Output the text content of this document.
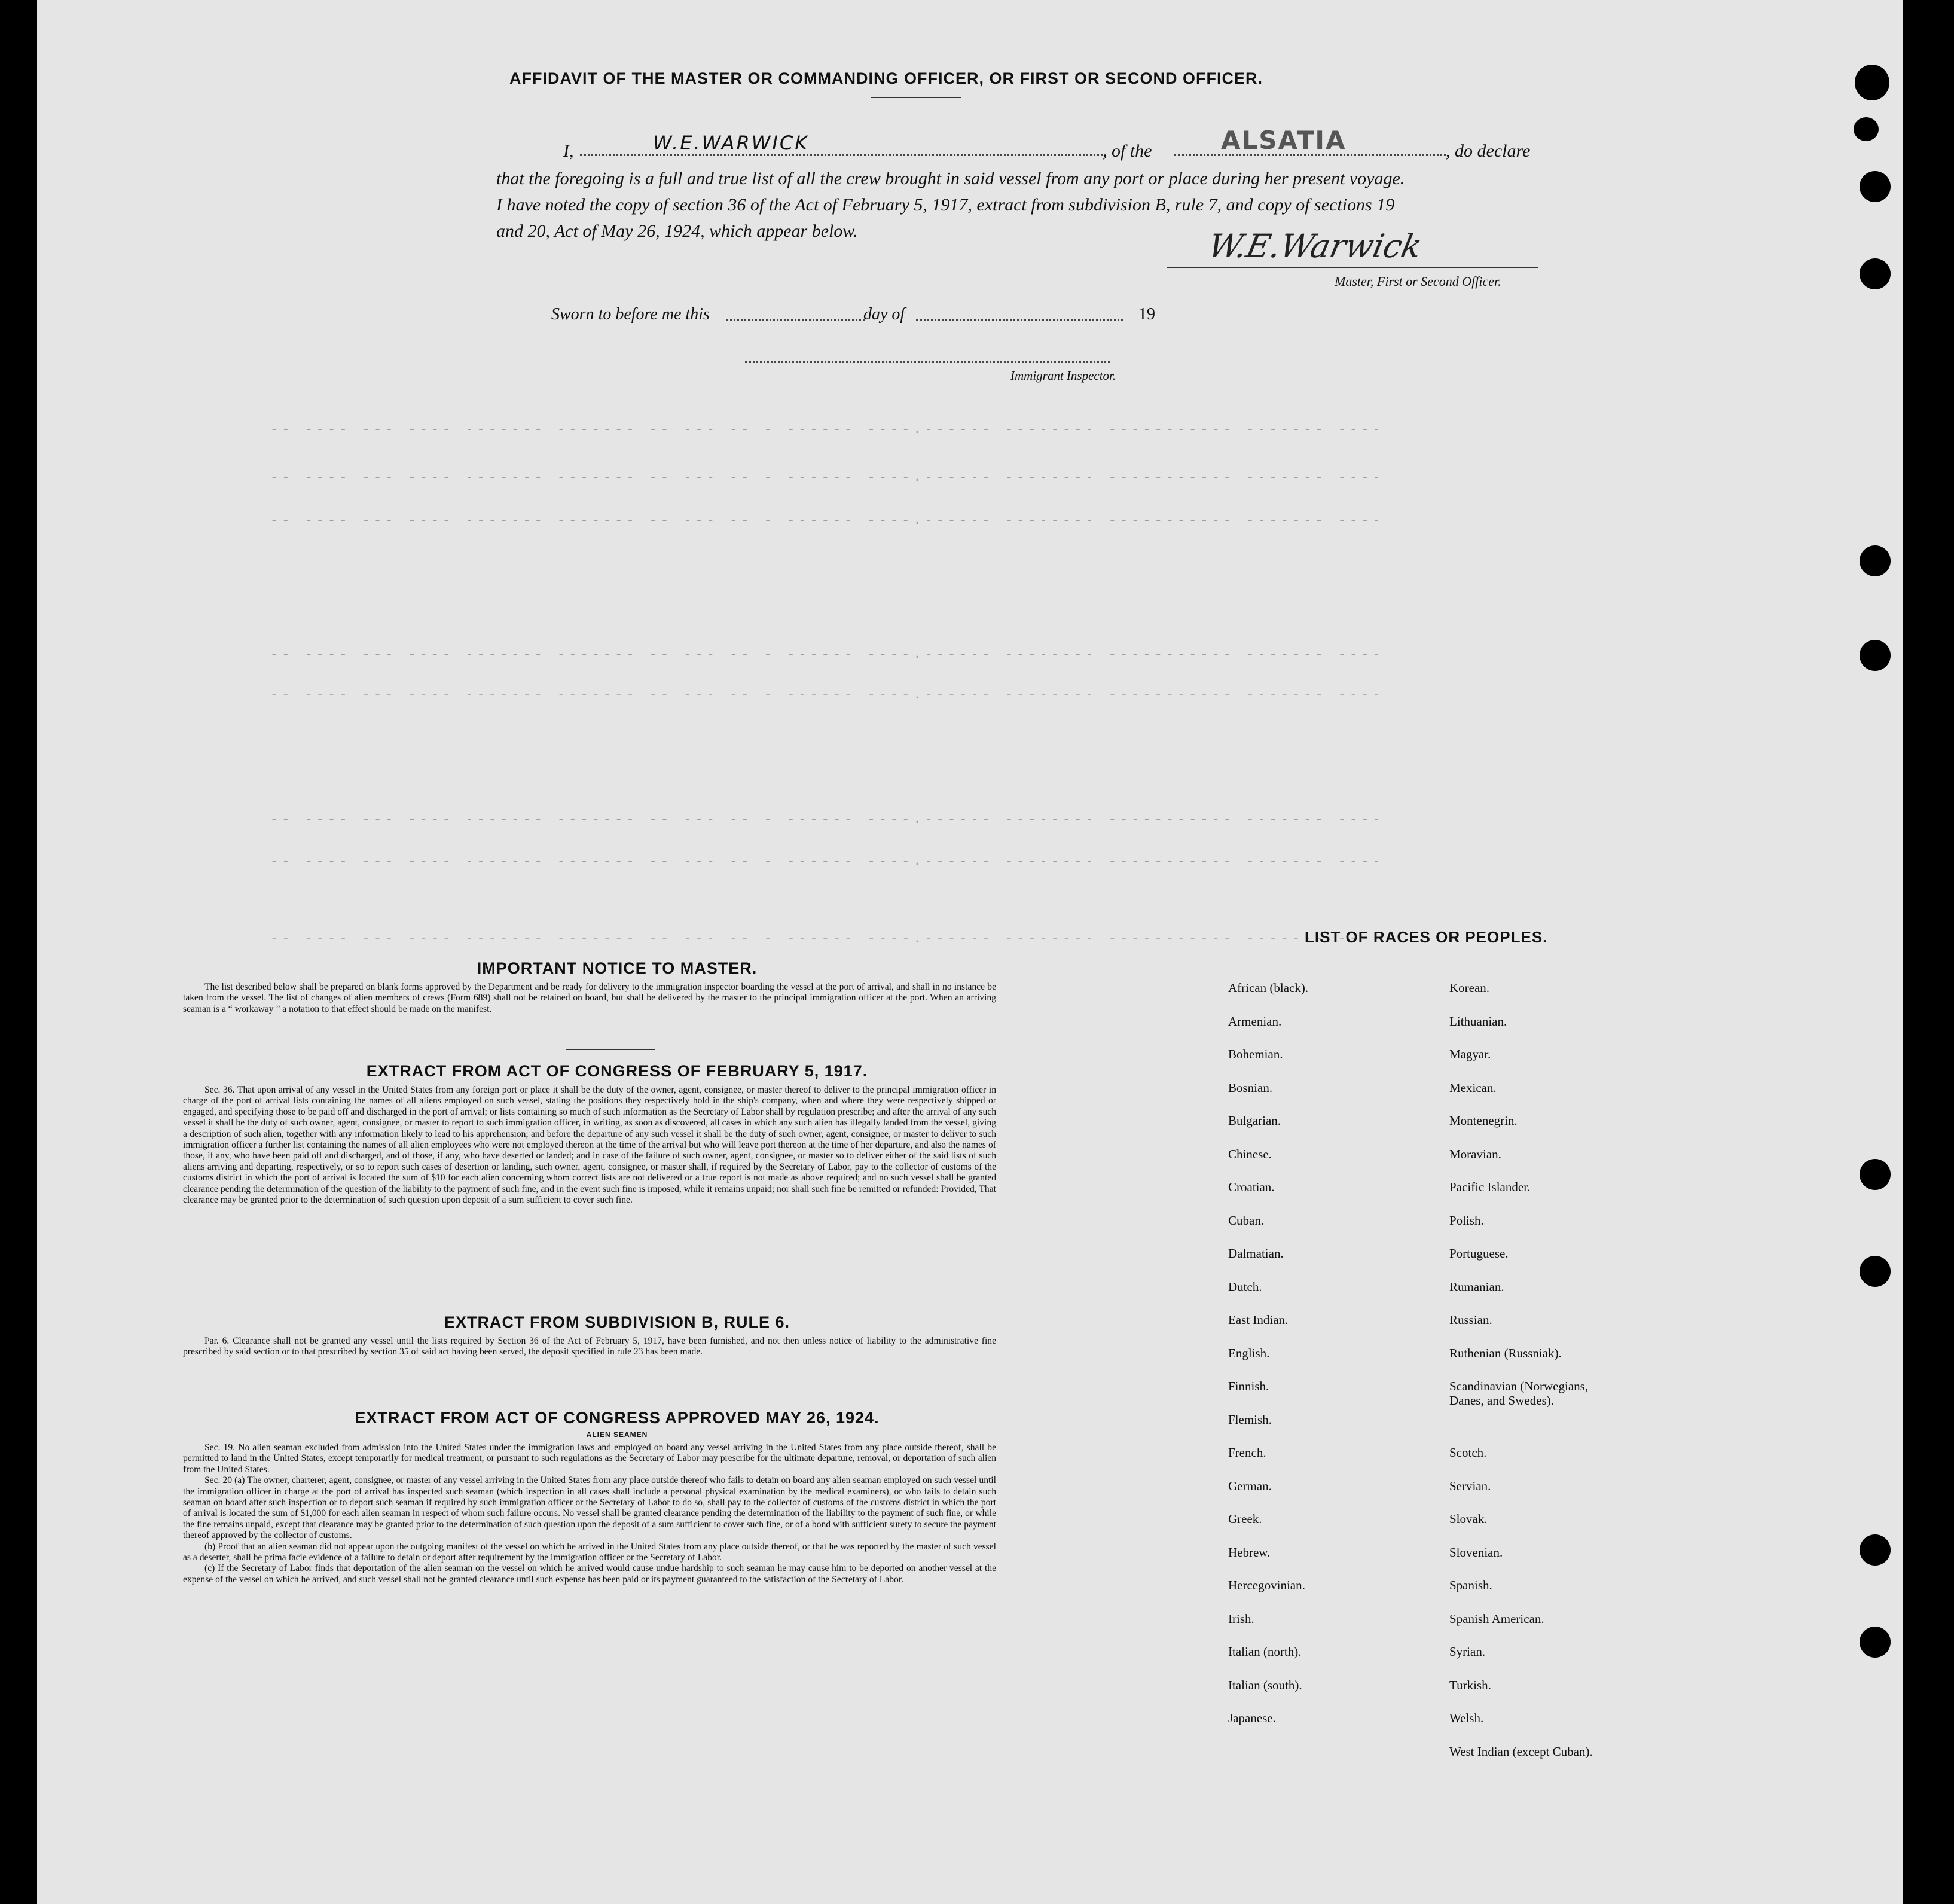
--
--
--
--
--
--
--
--
AFFIDAVIT OF THE MASTER OR COMMANDING OFFICER, OR FIRST OR SECOND OFFICER.
I,	W.E.WARWICK	, of the	ALSATIA	, do declare
that the foregoing is a full and true list of all the crew brought in said vessel from any port or place during her present voyage.
I have noted the copy of section 36 of the Act of February 5, 1917, extract from subdivision B, rule 7, and copy of sections 19
and 20, Act of May 26, 1924, which appear below.	W.E.Warwick
Master, First or Second Officer.
Sworn to before me this	day of	19
Immigrant Inspector.
IMPORTANT NOTICE TO MASTER.

The list described below shall be prepared on blank forms approved by the Department and be ready for delivery to the immigration inspector boarding the vessel at the port of arrival, and shall in no instance be taken from the vessel. The list of changes of alien members of crews (Form 689) shall not be retained on board, but shall be delivered by the master to the principal immigration officer at the port. When an arriving seaman is a “ workaway ” a notation to that effect should be made on the manifest.

EXTRACT FROM ACT OF CONGRESS OF FEBRUARY 5, 1917.

Sec. 36. That upon arrival of any vessel in the United States from any foreign port or place it shall be the duty of the owner, agent, consignee, or master thereof to deliver to the principal immigration officer in charge of the port of arrival lists containing the names of all aliens employed on such vessel, stating the positions they respectively hold in the ship's company, when and where they were respectively shipped or engaged, and specifying those to be paid off and discharged in the port of arrival; or lists containing so much of such information as the Secretary of Labor shall by regulation prescribe; and after the arrival of any such vessel it shall be the duty of such owner, agent, consignee, or master to report to such immigration officer, in writing, as soon as discovered, all cases in which any such alien has illegally landed from the vessel, giving a description of such alien, together with any information likely to lead to his apprehension; and before the departure of any such vessel it shall be the duty of such owner, agent, consignee, or master to deliver to such immigration officer a further list containing the names of all alien employees who were not employed thereon at the time of the arrival but who will leave port thereon at the time of her departure, and also the names of those, if any, who have been paid off and discharged, and of those, if any, who have deserted or landed; and in case of the failure of such owner, agent, consignee, or master so to deliver either of the said lists of such aliens arriving and departing, respectively, or so to report such cases of desertion or landing, such owner, agent, consignee, or master shall, if required by the Secretary of Labor, pay to the collector of customs of the customs district in which the port of arrival is located the sum of $10 for each alien concerning whom correct lists are not delivered or a true report is not made as above required; and no such vessel shall be granted clearance pending the determination of the question of the liability to the payment of such fine, and in the event such fine is imposed, while it remains unpaid; nor shall such fine be remitted or refunded: Provided, That clearance may be granted prior to the determination of such question upon deposit of a sum sufficient to cover such fine.

EXTRACT FROM SUBDIVISION B, RULE 6.

Par. 6. Clearance shall not be granted any vessel until the lists required by Section 36 of the Act of February 5, 1917, have been furnished, and not then unless notice of liability to the administrative fine prescribed by said section or to that prescribed by section 35 of said act having been served, the deposit specified in rule 23 has been made.

EXTRACT FROM ACT OF CONGRESS APPROVED MAY 26, 1924.
ALIEN SEAMEN

Sec. 19. No alien seaman excluded from admission into the United States under the immigration laws and employed on board any vessel arriving in the United States from any place outside thereof, shall be permitted to land in the United States, except temporarily for medical treatment, or pursuant to such regulations as the Secretary of Labor may prescribe for the ultimate departure, removal, or deportation of such alien from the United States.

Sec. 20 (a) The owner, charterer, agent, consignee, or master of any vessel arriving in the United States from any place outside thereof who fails to detain on board any alien seaman employed on such vessel until the immigration officer in charge at the port of arrival has inspected such seaman (which inspection in all cases shall include a personal physical examination by the medical examiners), or who fails to detain such seaman on board after such inspection or to deport such seaman if required by such immigration officer or the Secretary of Labor to do so, shall pay to the collector of customs of the customs district in which the port of arrival is located the sum of $1,000 for each alien seaman in respect of whom such failure occurs. No vessel shall be granted clearance pending the determination of the liability to the payment of such fine, or while the fine remains unpaid, except that clearance may be granted prior to the determination of such question upon the deposit of a sum sufficient to cover such fine, or of a bond with sufficient surety to secure the payment thereof approved by the collector of customs.

(b) Proof that an alien seaman did not appear upon the outgoing manifest of the vessel on which he arrived in the United States from any place outside thereof, or that he was reported by the master of such vessel as a deserter, shall be prima facie evidence of a failure to detain or deport after requirement by the immigration officer or the Secretary of Labor.

(c) If the Secretary of Labor finds that deportation of the alien seaman on the vessel on which he arrived would cause undue hardship to such seaman he may cause him to be deported on another vessel at the expense of the vessel on which he arrived, and such vessel shall not be granted clearance until such expense has been paid or its payment guaranteed to the satisfaction of the Secretary of Labor.

LIST OF RACES OR PEOPLES.
African (black).
Armenian.
Bohemian.
Bosnian.
Bulgarian.
Chinese.
Croatian.
Cuban.
Dalmatian.
Dutch.
East Indian.
English.
Finnish.
Flemish.
French.
German.
Greek.
Hebrew.
Hercegovinian.
Irish.
Italian (north).
Italian (south).
Japanese.
Korean.
Lithuanian.
Magyar.
Mexican.
Montenegrin.
Moravian.
Pacific Islander.
Polish.
Portuguese.
Rumanian.
Russian.
Ruthenian (Russniak).
Scandinavian (Norwegians, Danes, and Swedes).
Scotch.
Servian.
Slovak.
Slovenian.
Spanish.
Spanish American.
Syrian.
Turkish.
Welsh.
West Indian (except Cuban).
